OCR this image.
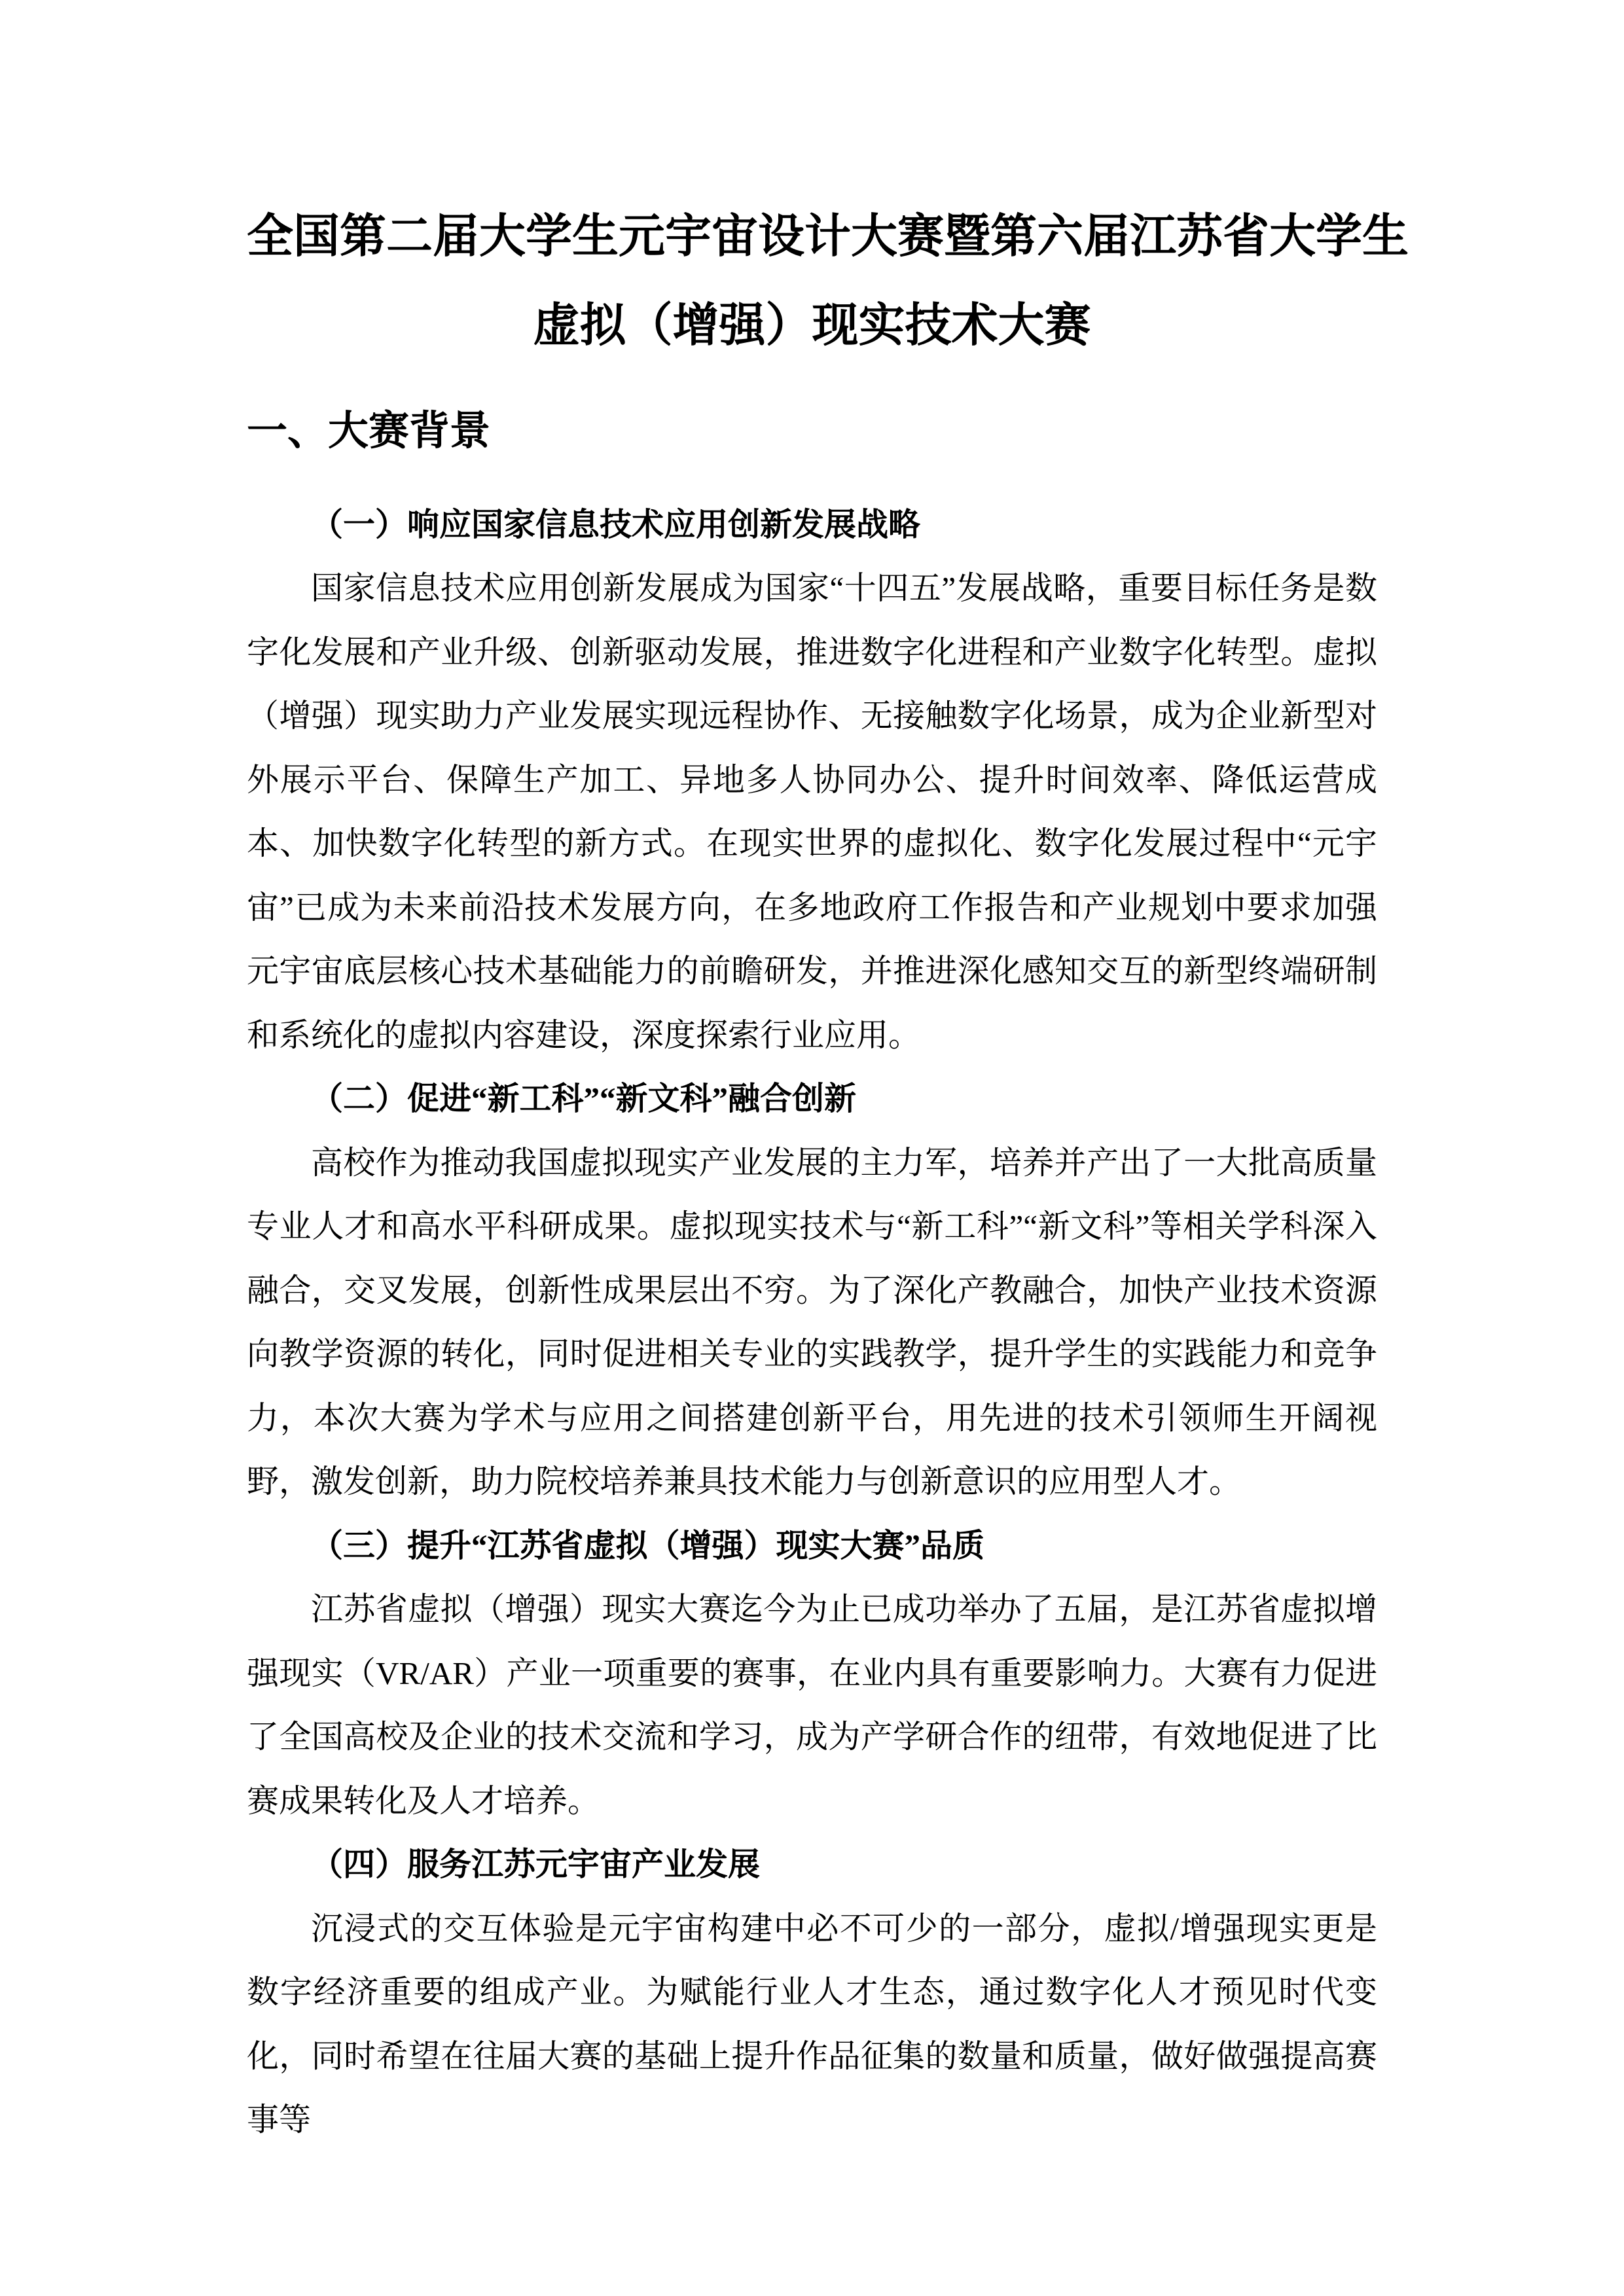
全国第二届大学生元宇宙设计大赛暨第六届江苏省大学生
虚拟（增强）现实技术大赛
一、大赛背景
（一）响应国家信息技术应用创新发展战略

国家信息技术应用创新发展成为国家“十四五”发展战略，重要目标任务是数字化发展和产业升级、创新驱动发展，推进数字化进程和产业数字化转型。虚拟（增强）现实助力产业发展实现远程协作、无接触数字化场景，成为企业新型对外展示平台、保障生产加工、异地多人协同办公、提升时间效率、降低运营成本、加快数字化转型的新方式。在现实世界的虚拟化、数字化发展过程中“元宇宙”已成为未来前沿技术发展方向，在多地政府工作报告和产业规划中要求加强元宇宙底层核心技术基础能力的前瞻研发，并推进深化感知交互的新型终端研制和系统化的虚拟内容建设，深度探索行业应用。

（二）促进“新工科”“新文科”融合创新

高校作为推动我国虚拟现实产业发展的主力军，培养并产出了一大批高质量专业人才和高水平科研成果。虚拟现实技术与“新工科”“新文科”等相关学科深入融合，交叉发展，创新性成果层出不穷。为了深化产教融合，加快产业技术资源向教学资源的转化，同时促进相关专业的实践教学，提升学生的实践能力和竞争力，本次大赛为学术与应用之间搭建创新平台，用先进的技术引领师生开阔视野，激发创新，助力院校培养兼具技术能力与创新意识的应用型人才。

（三）提升“江苏省虚拟（增强）现实大赛”品质

江苏省虚拟（增强）现实大赛迄今为止已成功举办了五届，是江苏省虚拟增强现实（VR/AR）产业一项重要的赛事，在业内具有重要影响力。大赛有力促进了全国高校及企业的技术交流和学习，成为产学研合作的纽带，有效地促进了比赛成果转化及人才培养。

（四）服务江苏元宇宙产业发展

沉浸式的交互体验是元宇宙构建中必不可少的一部分，虚拟/增强现实更是数字经济重要的组成产业。为赋能行业人才生态，通过数字化人才预见时代变化，同时希望在往届大赛的基础上提升作品征集的数量和质量，做好做强提高赛事等
